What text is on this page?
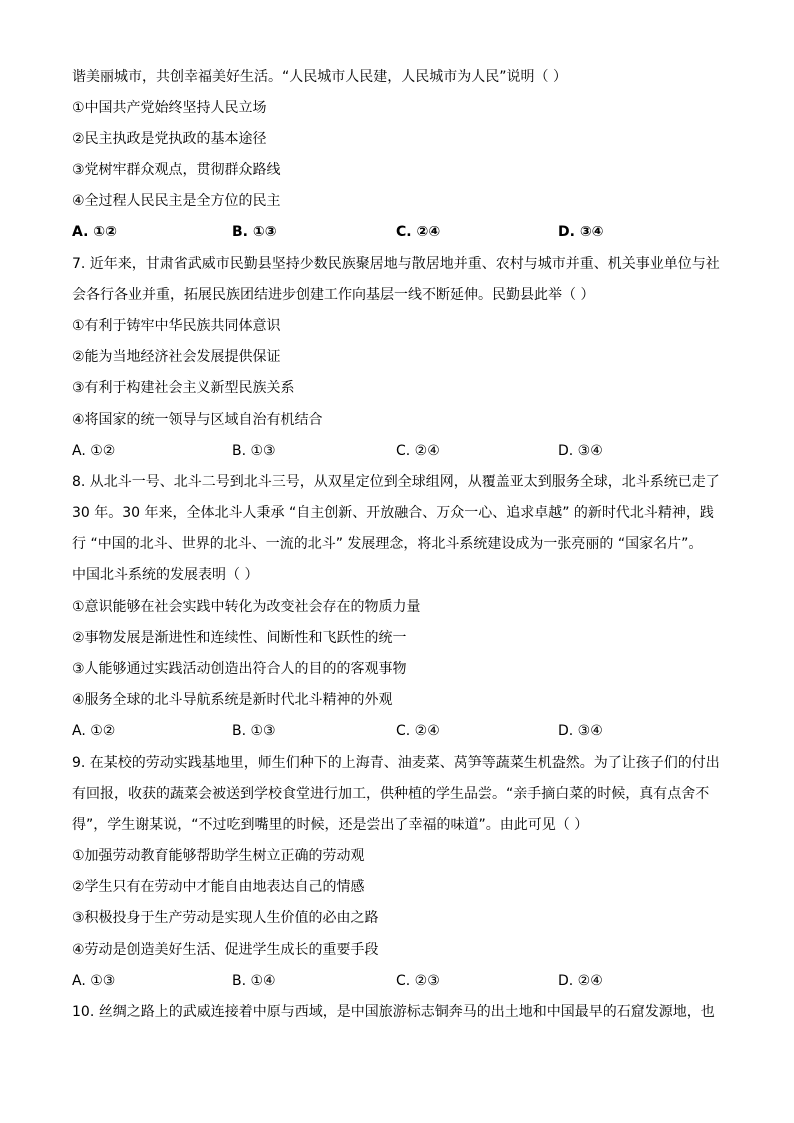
谐美丽城市，共创幸福美好生活。“人民城市人民建，人民城市为人民”说明（ ）
①中国共产党始终坚持人民立场
②民主执政是党执政的基本途径
③党树牢群众观点，贯彻群众路线
④全过程人民民主是全方位的民主
A. ①②	B. ①③	C. ②④	D. ③④
7. 近年来，甘肃省武威市民勤县坚持少数民族聚居地与散居地并重、农村与城市并重、机关事业单位与社
会各行各业并重，拓展民族团结进步创建工作向基层一线不断延伸。民勤县此举（ ）
①有利于铸牢中华民族共同体意识
②能为当地经济社会发展提供保证
③有利于构建社会主义新型民族关系
④将国家的统一领导与区域自治有机结合
A. ①②	B. ①③	C. ②④	D. ③④
8. 从北斗一号、北斗二号到北斗三号，从双星定位到全球组网，从覆盖亚太到服务全球，北斗系统已走了
30 年。30 年来，全体北斗人秉承 “自主创新、开放融合、万众一心、追求卓越” 的新时代北斗精神，践
行 “中国的北斗、世界的北斗、一流的北斗” 发展理念，将北斗系统建设成为一张亮丽的 “国家名片”。
中国北斗系统的发展表明（ ）
①意识能够在社会实践中转化为改变社会存在的物质力量
②事物发展是渐进性和连续性、间断性和飞跃性的统一
③人能够通过实践活动创造出符合人的目的的客观事物
④服务全球的北斗导航系统是新时代北斗精神的外观
A. ①②	B. ①③	C. ②④	D. ③④
9. 在某校的劳动实践基地里，师生们种下的上海青、油麦菜、莴笋等蔬菜生机盎然。为了让孩子们的付出
有回报，收获的蔬菜会被送到学校食堂进行加工，供种植的学生品尝。“亲手摘白菜的时候，真有点舍不
得”，学生谢某说，“不过吃到嘴里的时候，还是尝出了幸福的味道”。由此可见（ ）
①加强劳动教育能够帮助学生树立正确的劳动观
②学生只有在劳动中才能自由地表达自己的情感
③积极投身于生产劳动是实现人生价值的必由之路
④劳动是创造美好生活、促进学生成长的重要手段
A. ①③	B. ①④	C. ②③	D. ②④
10. 丝绸之路上的武威连接着中原与西域，是中国旅游标志铜奔马的出土地和中国最早的石窟发源地，也
